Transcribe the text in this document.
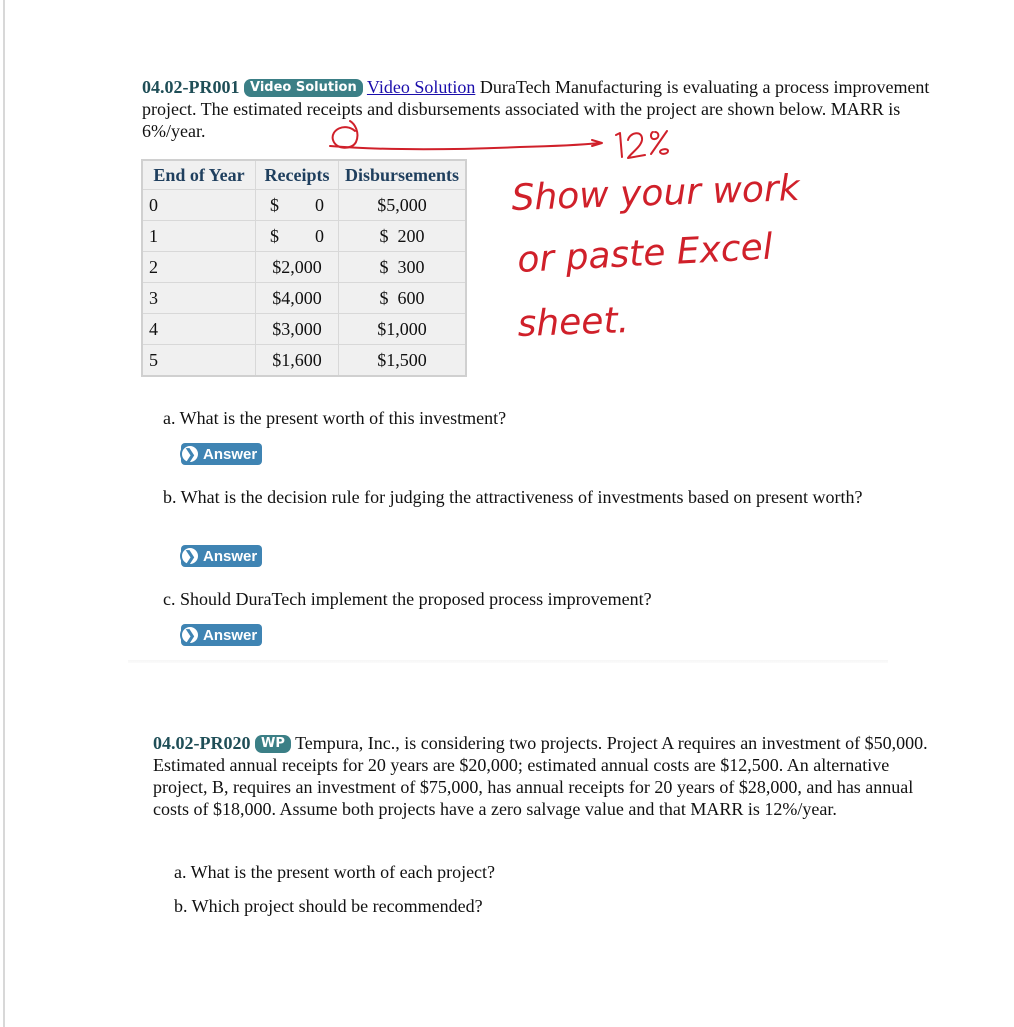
04.02-PR001 Video Solution Video Solution DuraTech Manufacturing is evaluating a process improvement project. The estimated receipts and disbursements associated with the project are shown below. MARR is 6%/year.
End of Year	Receipts	Disbursements
0	$ 0	$5,000
1	$ 0	$  200
2	$2,000	$  300
3	$4,000	$  600
4	$3,000	$1,000
5	$1,600	$1,500
a. What is the present worth of this investment?
❯ Answer
b. What is the decision rule for judging the attractiveness of investments based on present worth?
❯ Answer
c. Should DuraTech implement the proposed process improvement?
❯ Answer
04.02-PR020 WP Tempura, Inc., is considering two projects. Project A requires an investment of $50,000. Estimated annual receipts for 20 years are $20,000; estimated annual costs are $12,500. An alternative project, B, requires an investment of $75,000, has annual receipts for 20 years of $28,000, and has annual costs of $18,000. Assume both projects have a zero salvage value and that MARR is 12%/year.
a. What is the present worth of each project?
b. Which project should be recommended?
Show your work
or paste Excel
sheet.
